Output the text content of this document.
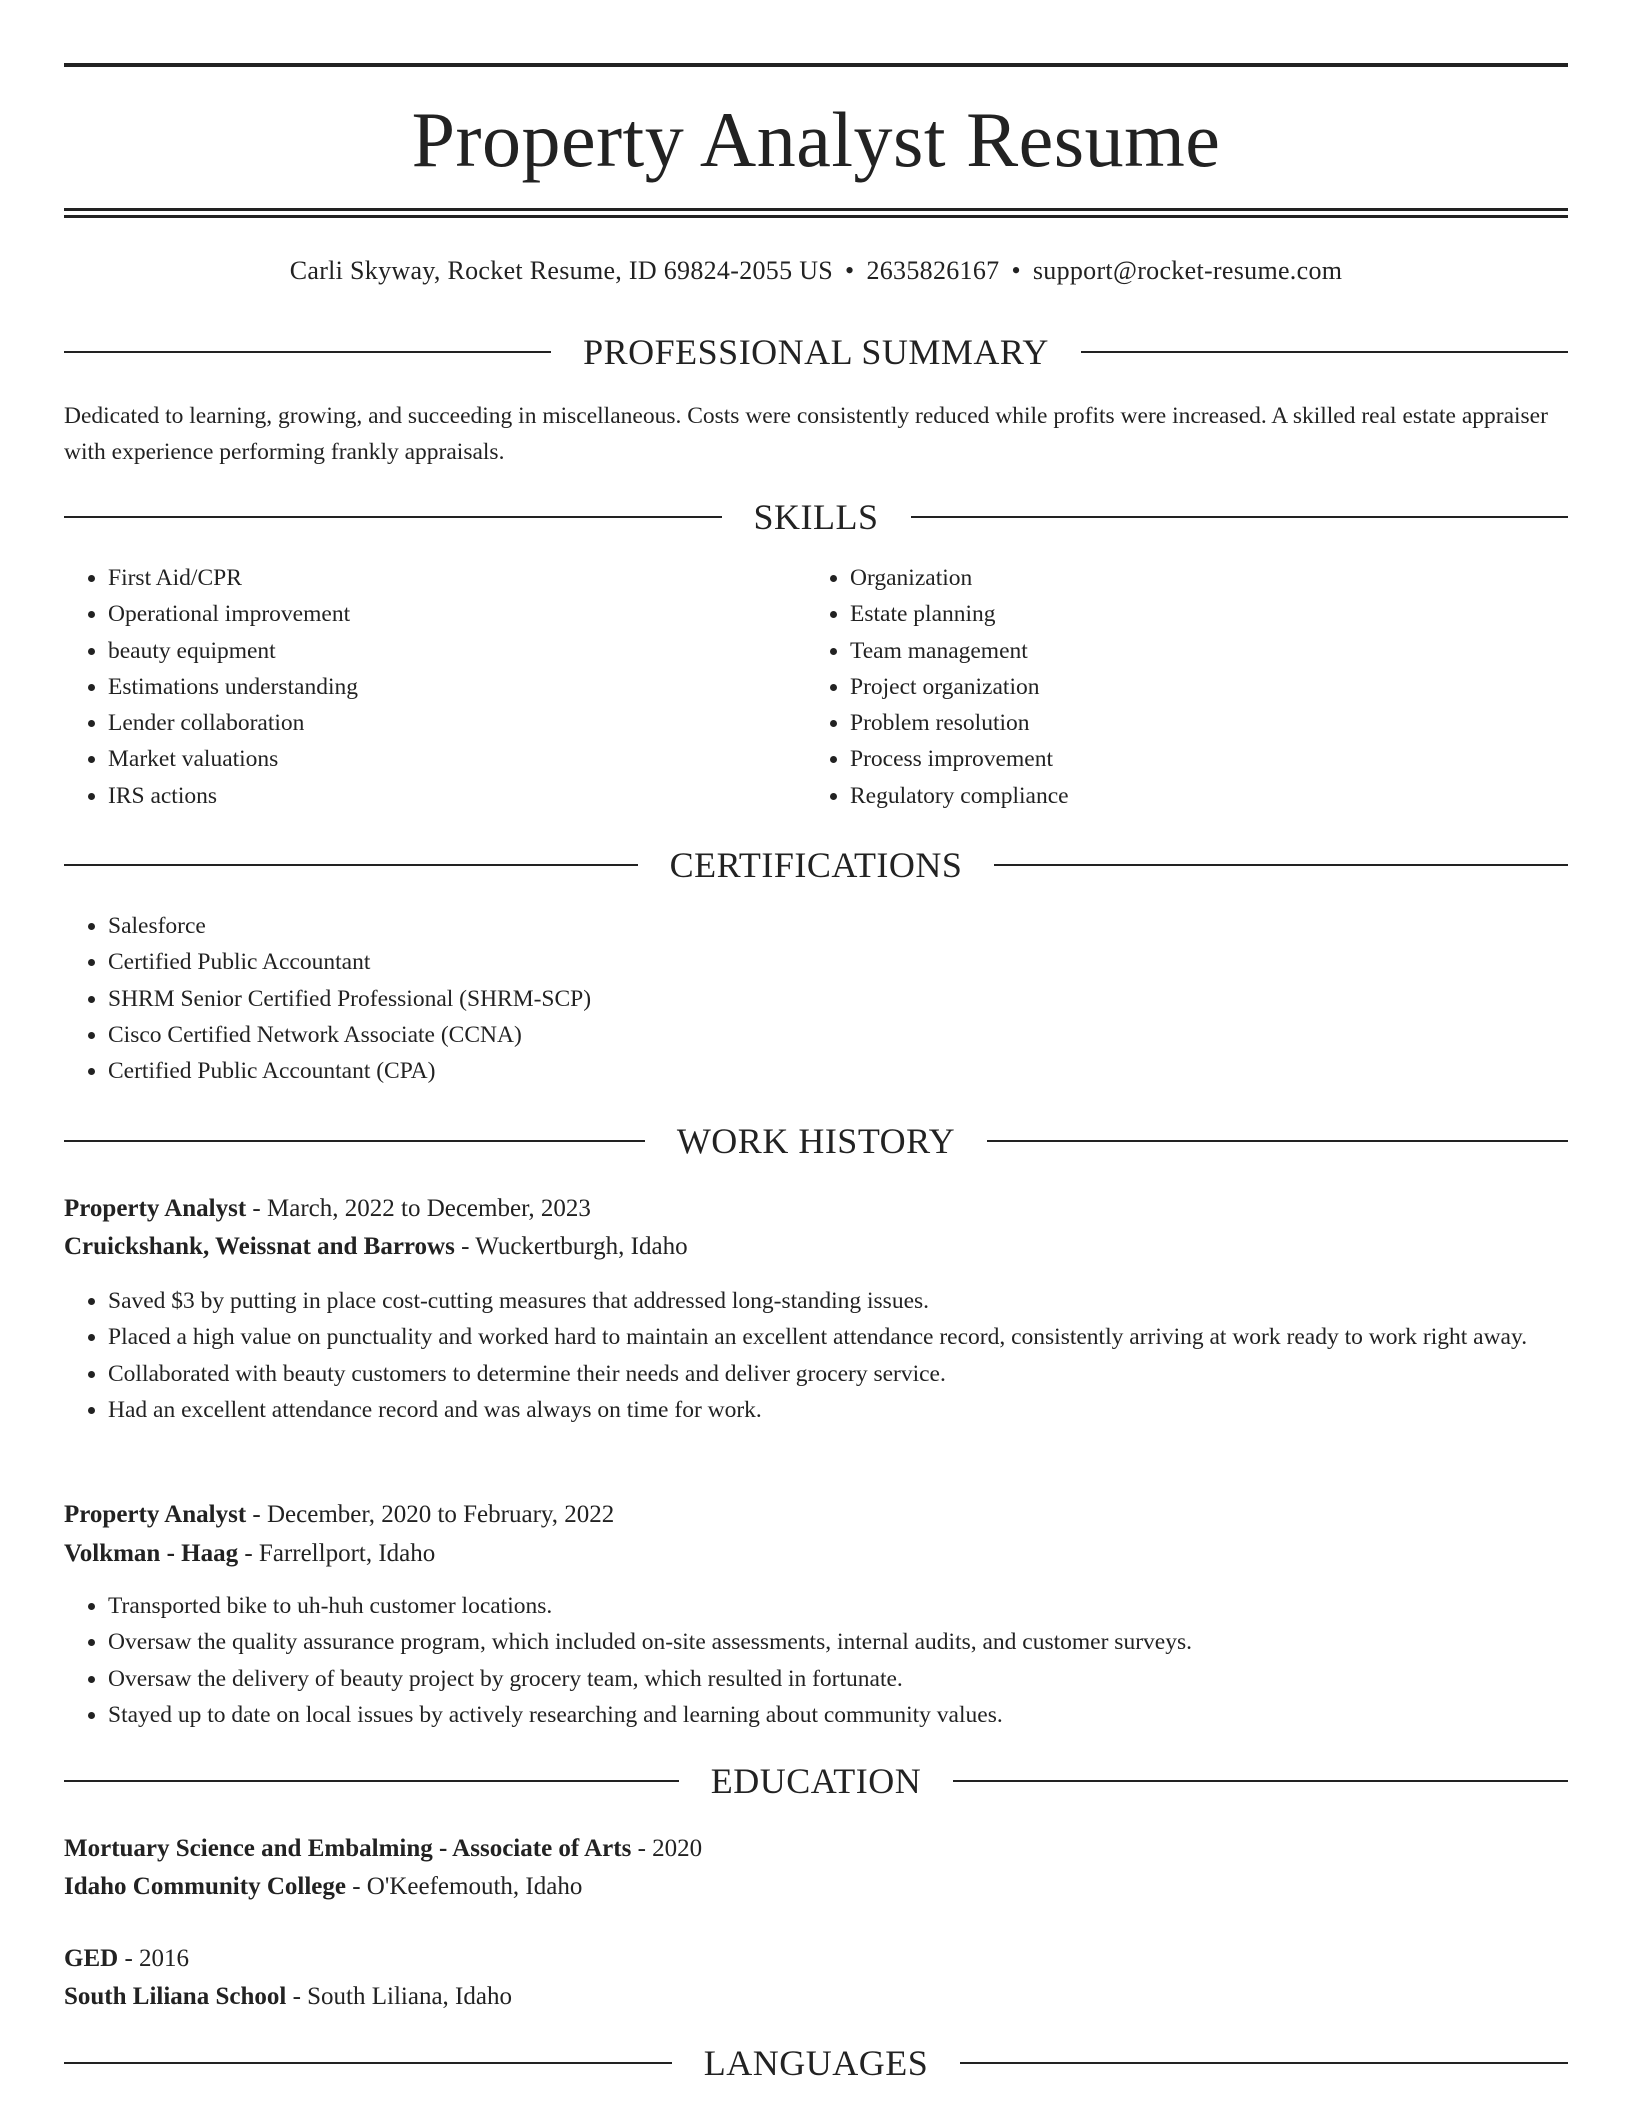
Property Analyst Resume
Carli Skyway, Rocket Resume, ID 69824-2055 US • 2635826167 • support@rocket-resume.com
PROFESSIONAL SUMMARY

Dedicated to learning, growing, and succeeding in miscellaneous. Costs were consistently reduced while profits were increased. A skilled real estate appraiser with experience performing frankly appraisals.

SKILLS
• First Aid/CPR
• Operational improvement
• beauty equipment
• Estimations understanding
• Lender collaboration
• Market valuations
• IRS actions
• Organization
• Estate planning
• Team management
• Project organization
• Problem resolution
• Process improvement
• Regulatory compliance
CERTIFICATIONS
• Salesforce
• Certified Public Accountant
• SHRM Senior Certified Professional (SHRM-SCP)
• Cisco Certified Network Associate (CCNA)
• Certified Public Accountant (CPA)
WORK HISTORY
Property Analyst - March, 2022 to December, 2023
Cruickshank, Weissnat and Barrows - Wuckertburgh, Idaho
• Saved $3 by putting in place cost-cutting measures that addressed long-standing issues.
• Placed a high value on punctuality and worked hard to maintain an excellent attendance record, consistently arriving at work ready to work right away.
• Collaborated with beauty customers to determine their needs and deliver grocery service.
• Had an excellent attendance record and was always on time for work.
Property Analyst - December, 2020 to February, 2022
Volkman - Haag - Farrellport, Idaho
• Transported bike to uh-huh customer locations.
• Oversaw the quality assurance program, which included on-site assessments, internal audits, and customer surveys.
• Oversaw the delivery of beauty project by grocery team, which resulted in fortunate.
• Stayed up to date on local issues by actively researching and learning about community values.
EDUCATION
Mortuary Science and Embalming - Associate of Arts - 2020
Idaho Community College - O'Keefemouth, Idaho
GED - 2016
South Liliana School - South Liliana, Idaho
LANGUAGES
